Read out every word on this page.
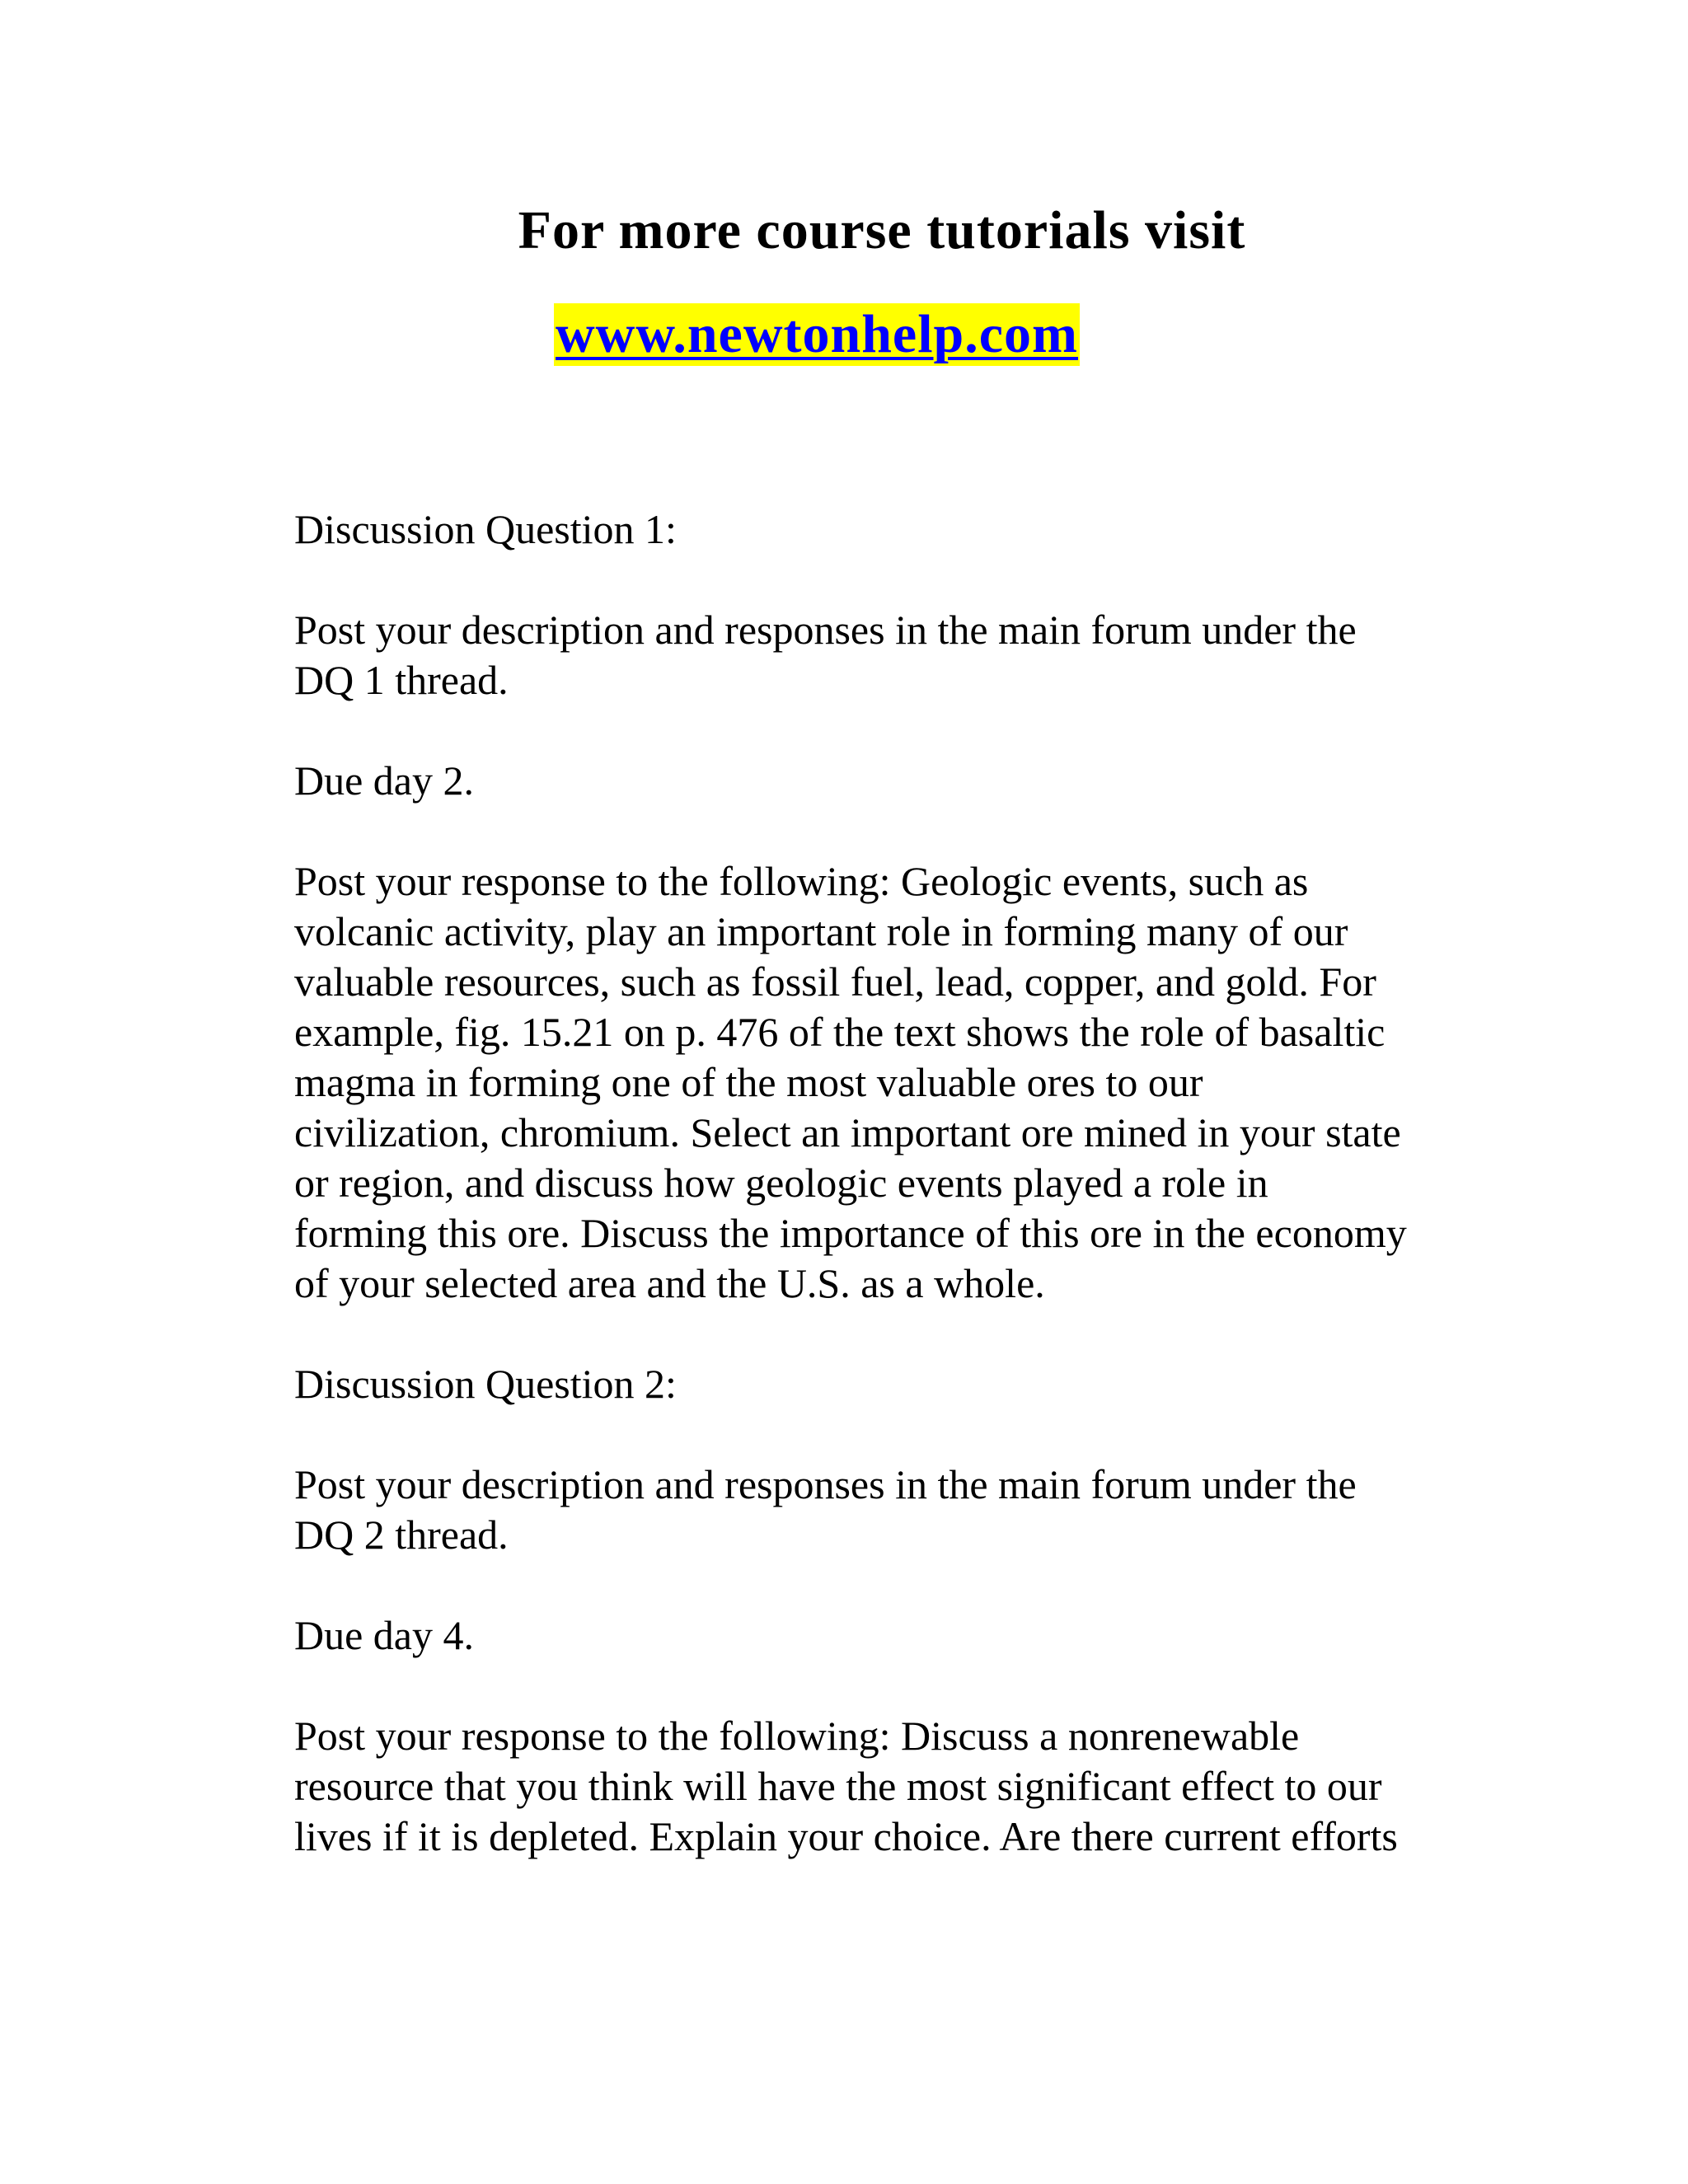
For more course tutorials visit
www.newtonhelp.com

Discussion Question 1:

Post your description and responses in the main forum under the
DQ 1 thread.

Due day 2.

Post your response to the following: Geologic events, such as
volcanic activity, play an important role in forming many of our
valuable resources, such as fossil fuel, lead, copper, and gold. For
example, fig. 15.21 on p. 476 of the text shows the role of basaltic
magma in forming one of the most valuable ores to our
civilization, chromium. Select an important ore mined in your state
or region, and discuss how geologic events played a role in
forming this ore. Discuss the importance of this ore in the economy
of your selected area and the U.S. as a whole.

Discussion Question 2:

Post your description and responses in the main forum under the
DQ 2 thread.

Due day 4.

Post your response to the following: Discuss a nonrenewable
resource that you think will have the most significant effect to our
lives if it is depleted. Explain your choice. Are there current efforts
